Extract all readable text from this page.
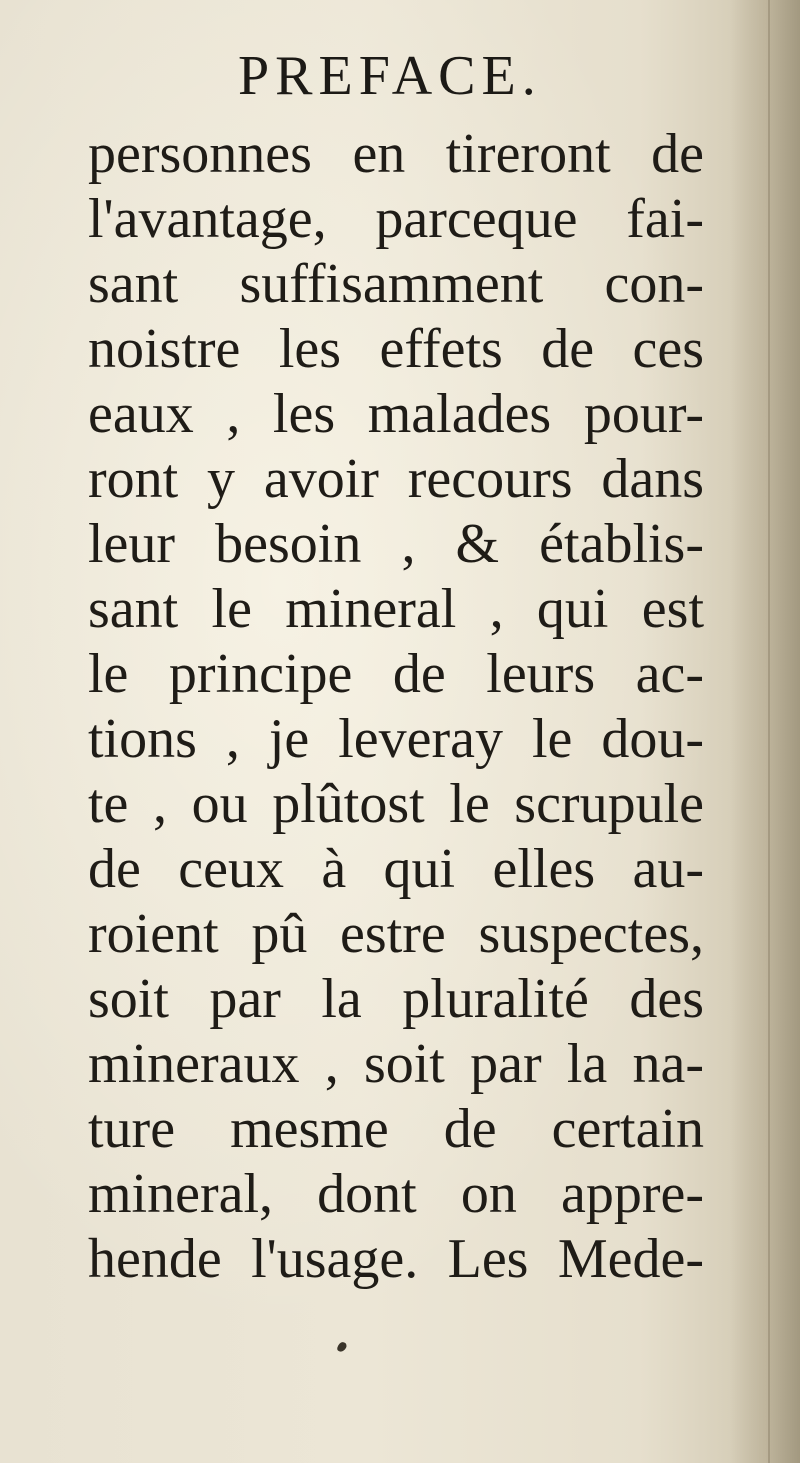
PREFACE.
personnes en tireront de
l'avantage, parceque fai-
sant suffisamment con-
noistre les effets de ces
eaux , les malades pour-
ront y avoir recours dans
leur besoin , & établis-
sant le mineral , qui est
le principe de leurs ac-
tions , je leveray le dou-
te , ou plûtost le scrupule
de ceux à qui elles au-
roient pû estre suspectes,
soit par la pluralité des
mineraux , soit par la na-
ture mesme de certain
mineral, dont on appre-
hende l'usage. Les Mede-
